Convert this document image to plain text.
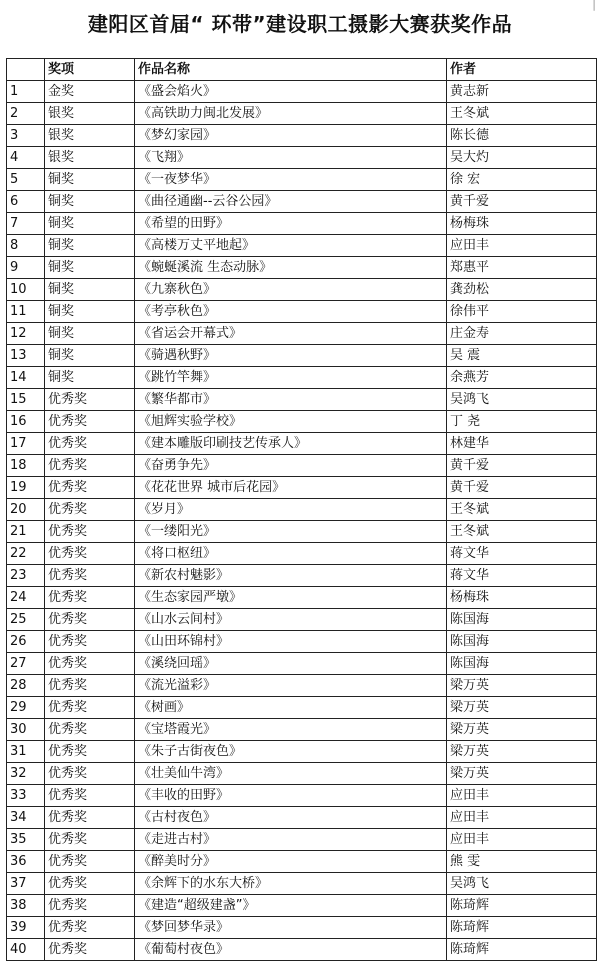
|
建阳区首届“ 环带”建设职工摄影大赛获奖作品
	奖项	作品名称	作者
1	金奖	《盛会焰火》	黄志新
2	银奖	《高铁助力闽北发展》	王冬斌
3	银奖	《梦幻家园》	陈长德
4	银奖	《飞翔》	吴大灼
5	铜奖	《一夜梦华》	徐 宏
6	铜奖	《曲径通幽--云谷公园》	黄千爱
7	铜奖	《希望的田野》	杨梅珠
8	铜奖	《高楼万丈平地起》	应田丰
9	铜奖	《蜿蜒溪流 生态动脉》	郑惠平
10	铜奖	《九寨秋色》	龚劲松
11	铜奖	《考亭秋色》	徐伟平
12	铜奖	《省运会开幕式》	庄金寿
13	铜奖	《骑遇秋野》	吴 震
14	铜奖	《跳竹竿舞》	余燕芳
15	优秀奖	《繁华都市》	吴鸿飞
16	优秀奖	《旭辉实验学校》	丁 尧
17	优秀奖	《建本雕版印刷技艺传承人》	林建华
18	优秀奖	《奋勇争先》	黄千爱
19	优秀奖	《花花世界 城市后花园》	黄千爱
20	优秀奖	《岁月》	王冬斌
21	优秀奖	《一缕阳光》	王冬斌
22	优秀奖	《将口枢纽》	蒋文华
23	优秀奖	《新农村魅影》	蒋文华
24	优秀奖	《生态家园严墩》	杨梅珠
25	优秀奖	《山水云间村》	陈国海
26	优秀奖	《山田环锦村》	陈国海
27	优秀奖	《溪绕回瑶》	陈国海
28	优秀奖	《流光溢彩》	梁万英
29	优秀奖	《树画》	梁万英
30	优秀奖	《宝塔霞光》	梁万英
31	优秀奖	《朱子古街夜色》	梁万英
32	优秀奖	《壮美仙牛湾》	梁万英
33	优秀奖	《丰收的田野》	应田丰
34	优秀奖	《古村夜色》	应田丰
35	优秀奖	《走进古村》	应田丰
36	优秀奖	《醉美时分》	熊 雯
37	优秀奖	《余辉下的水东大桥》	吴鸿飞
38	优秀奖	《建造“超级建盏”》	陈琦辉
39	优秀奖	《梦回梦华录》	陈琦辉
40	优秀奖	《葡萄村夜色》	陈琦辉
